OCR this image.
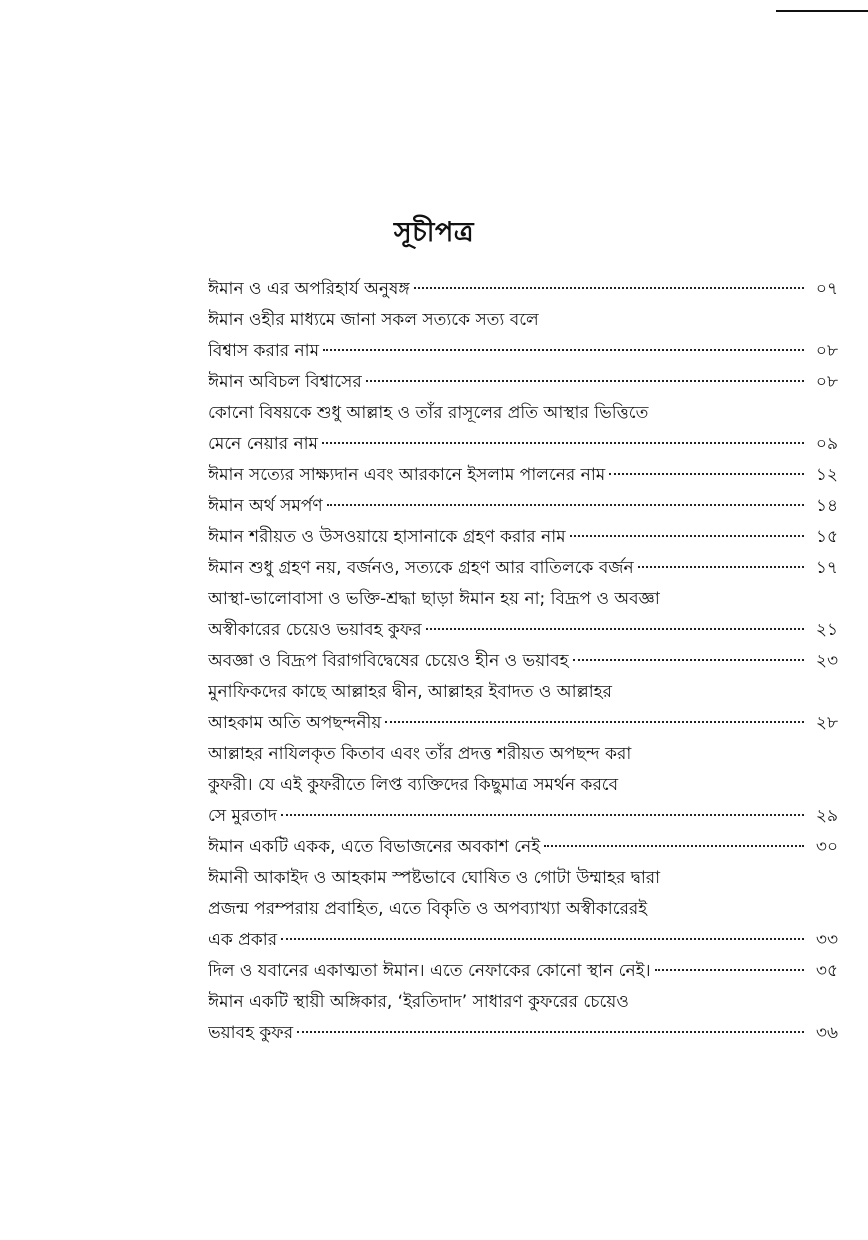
সূচীপত্র
ঈমান ও এর অপরিহার্য অনুষঙ্গ	০৭
ঈমান ওহীর মাধ্যমে জানা সকল সত্যকে সত্য বলে
বিশ্বাস করার নাম	০৮
ঈমান অবিচল বিশ্বাসের	০৮
কোনো বিষয়কে শুধু আল্লাহ ও তাঁর রাসূলের প্রতি আস্থার ভিত্তিতে
মেনে নেয়ার নাম	০৯
ঈমান সত্যের সাক্ষ্যদান এবং আরকানে ইসলাম পালনের নাম	১২
ঈমান অর্থ সমর্পণ	১৪
ঈমান শরীয়ত ও উসওয়ায়ে হাসানাকে গ্রহণ করার নাম	১৫
ঈমান শুধু গ্রহণ নয়, বর্জনও, সত্যকে গ্রহণ আর বাতিলকে বর্জন	১৭
আস্থা-ভালোবাসা ও ভক্তি-শ্রদ্ধা ছাড়া ঈমান হয় না; বিদ্রূপ ও অবজ্ঞা
অস্বীকারের চেয়েও ভয়াবহ কুফর	২১
অবজ্ঞা ও বিদ্রূপ বিরাগবিদ্বেষের চেয়েও হীন ও ভয়াবহ	২৩
মুনাফিকদের কাছে আল্লাহর দ্বীন, আল্লাহর ইবাদত ও আল্লাহর
আহকাম অতি অপছন্দনীয়	২৮
আল্লাহর নাযিলকৃত কিতাব এবং তাঁর প্রদত্ত শরীয়ত অপছন্দ করা
কুফরী। যে এই কুফরীতে লিপ্ত ব্যক্তিদের কিছুমাত্র সমর্থন করবে
সে মুরতাদ	২৯
ঈমান একটি একক, এতে বিভাজনের অবকাশ নেই	৩০
ঈমানী আকাইদ ও আহকাম স্পষ্টভাবে ঘোষিত ও গোটা উম্মাহর দ্বারা
প্রজন্ম পরম্পরায় প্রবাহিত, এতে বিকৃতি ও অপব্যাখ্যা অস্বীকারেরই
এক প্রকার	৩৩
দিল ও যবানের একাত্মতা ঈমান। এতে নেফাকের কোনো স্থান নেই।	৩৫
ঈমান একটি স্থায়ী অঙ্গিকার, ‘ইরতিদাদ’ সাধারণ কুফরের চেয়েও
ভয়াবহ কুফর	৩৬
